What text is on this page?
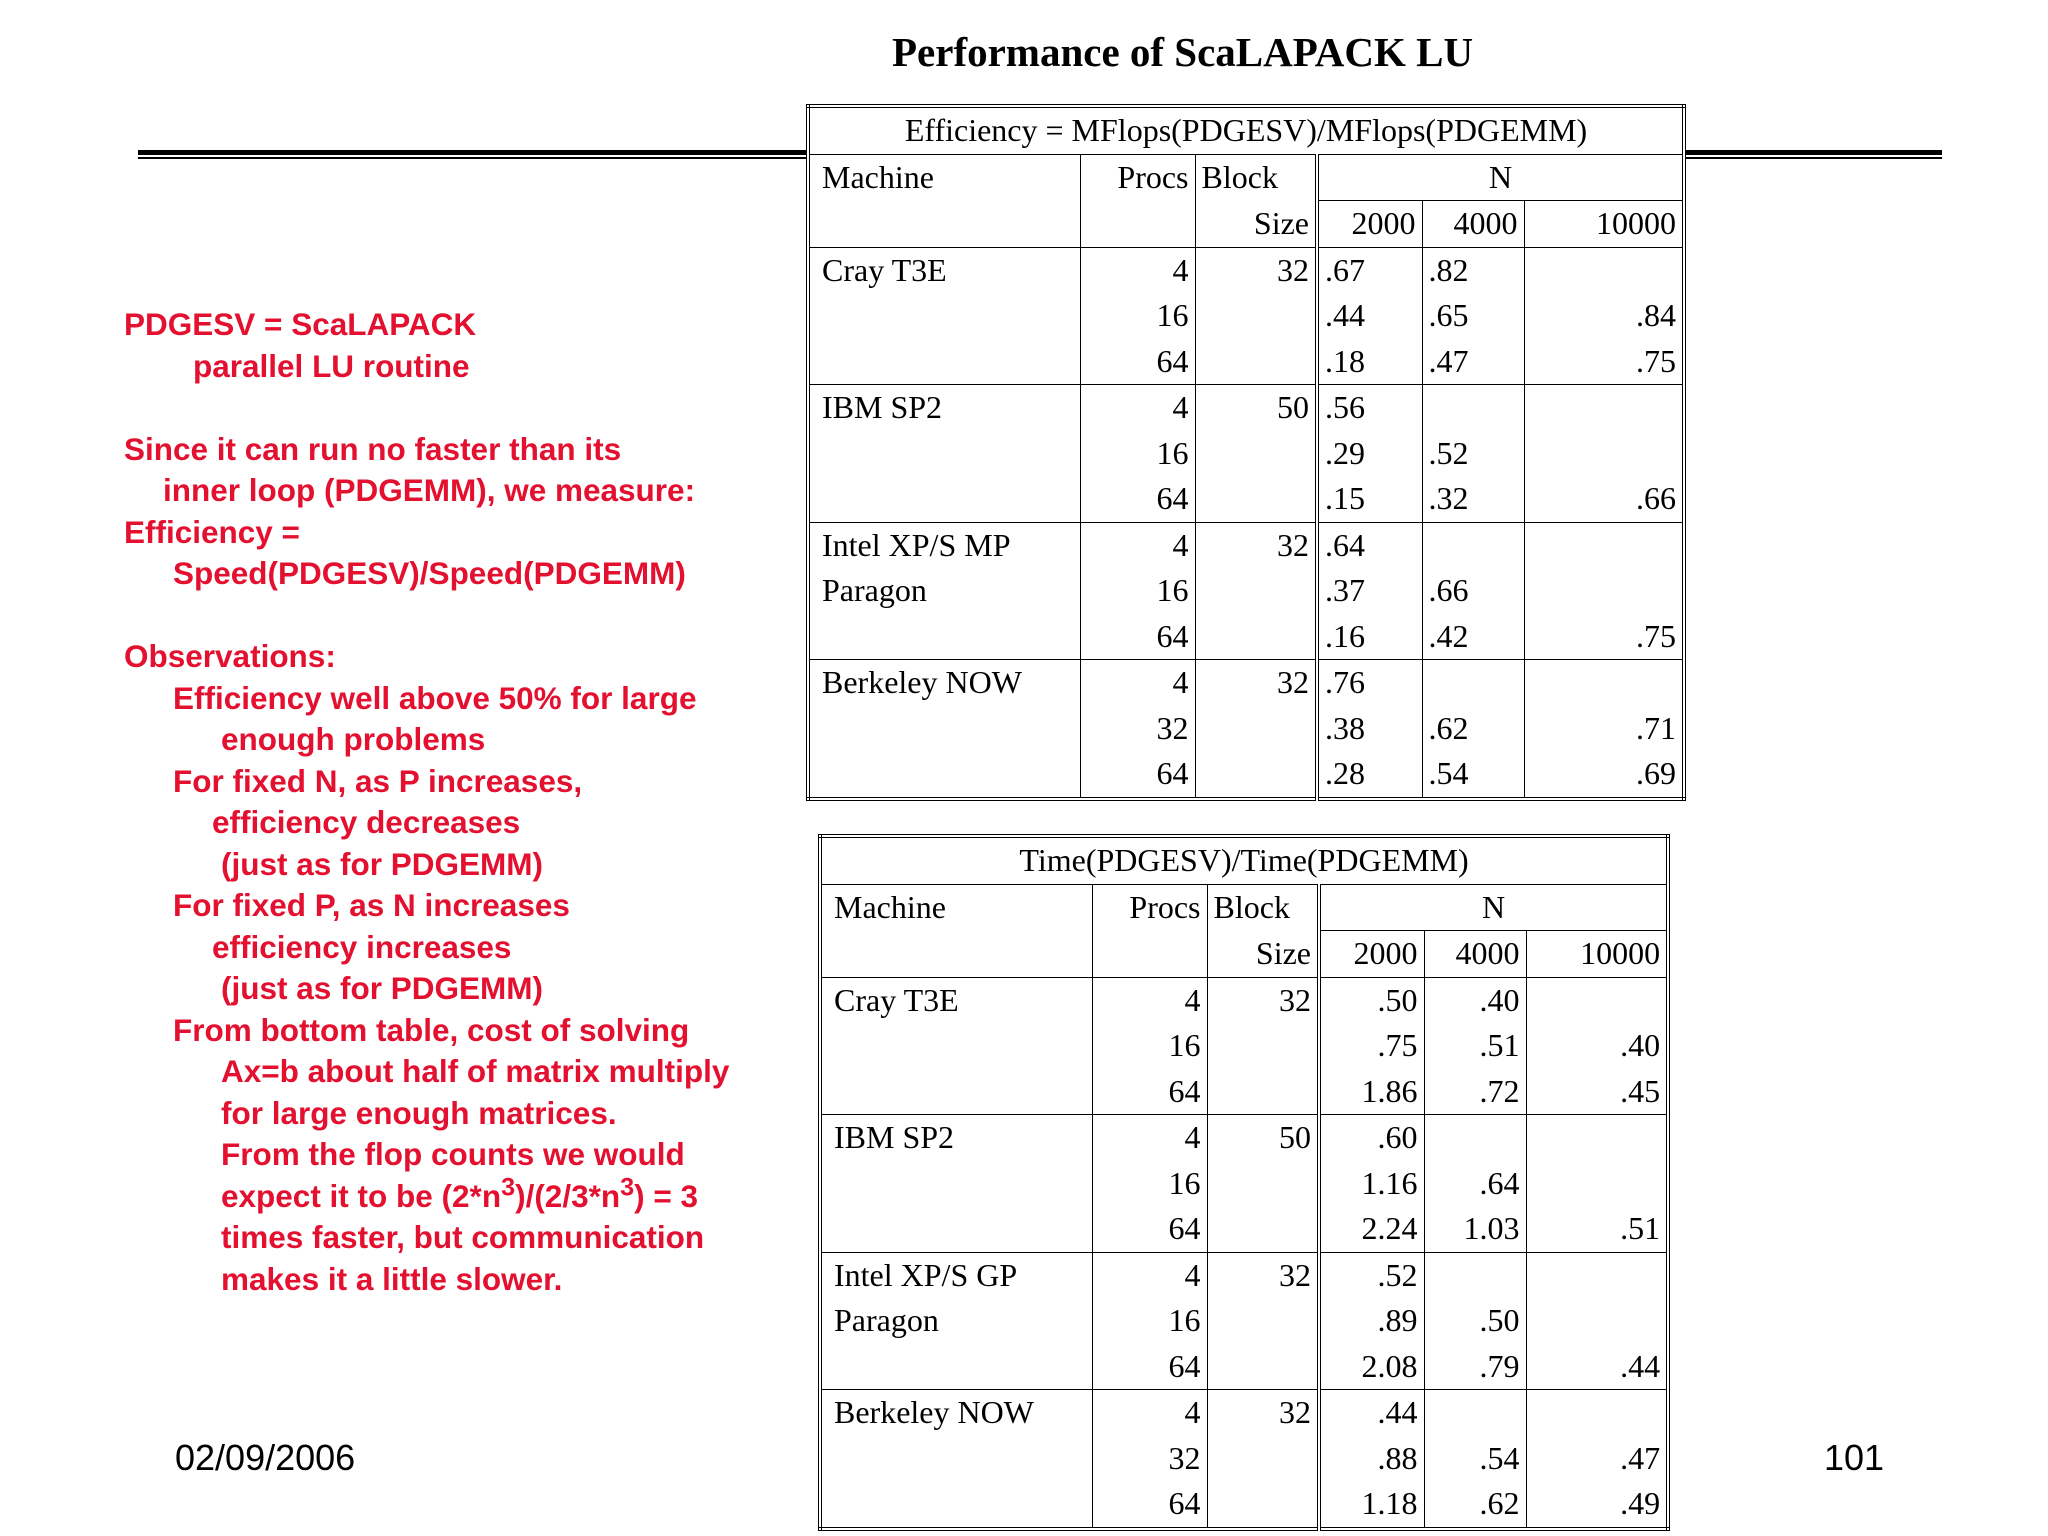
Performance of ScaLAPACK LU
PDGESV = ScaLAPACK
parallel LU routine
Since it can run no faster than its
inner loop (PDGEMM), we measure:
Efficiency =
Speed(PDGESV)/Speed(PDGEMM)
Observations:
Efficiency well above 50% for large
enough problems
For fixed N, as P increases,
efficiency decreases
(just as for PDGEMM)
For fixed P, as N increases
efficiency increases
(just as for PDGEMM)
From bottom table, cost of solving
Ax=b about half of matrix multiply
for large enough matrices.
From the flop counts we would
expect it to be $(2*n^3)/(2/3*n^3) = 3$
times faster, but communication
makes it a little slower.
Efficiency = MFlops(PDGESV)/MFlops(PDGEMM)					
Machine	Procs	Block	N		
		Size	2000	4000	10000
Cray T3E	4	32	.67	.82	
	16		.44	.65	.84
	64		.18	.47	.75
IBM SP2	4	50	.56		
	16		.29	.52	
	64		.15	.32	.66
Intel XP/S MP	4	32	.64		
Paragon	16		.37	.66	
	64		.16	.42	.75
Berkeley NOW	4	32	.76		
	32		.38	.62	.71
	64		.28	.54	.69
Time(PDGESV)/Time(PDGEMM)					
Machine	Procs	Block	N		
		Size	2000	4000	10000
Cray T3E	4	32	.50	.40	
	16		.75	.51	.40
	64		1.86	.72	.45
IBM SP2	4	50	.60		
	16		1.16	.64	
	64		2.24	1.03	.51
Intel XP/S GP	4	32	.52		
Paragon	16		.89	.50	
	64		2.08	.79	.44
Berkeley NOW	4	32	.44		
	32		.88	.54	.47
	64		1.18	.62	.49
02/09/2006	101
